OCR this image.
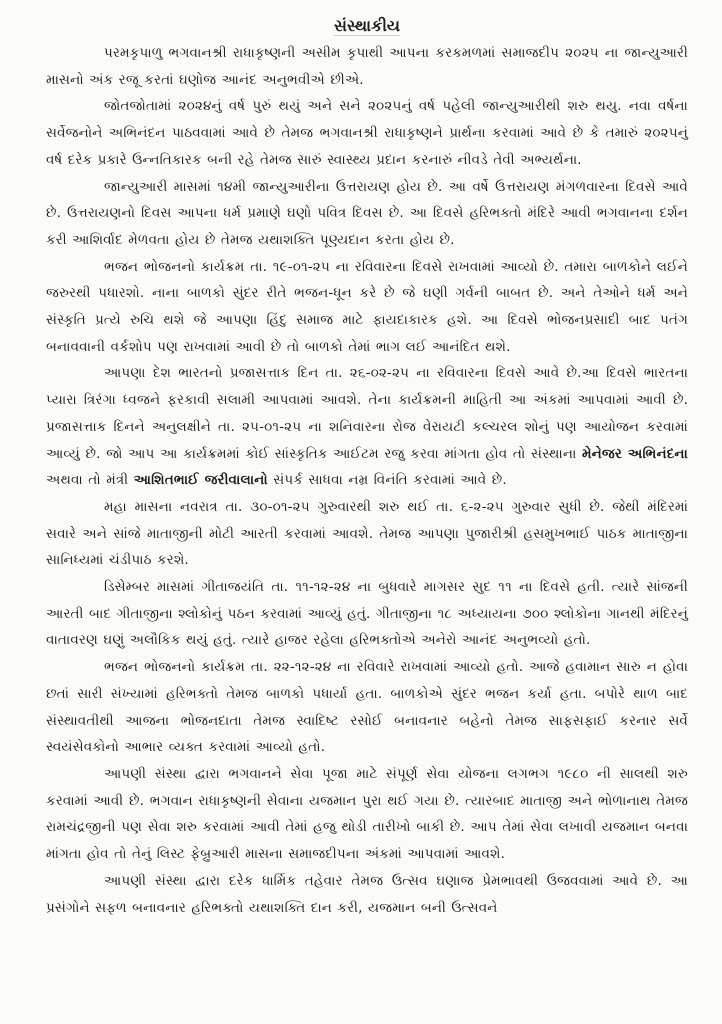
સંસ્થાકીય

પરમકૃપાળુ ભગવાનશ્રી રાધાકૃષ્ણની અસીમ કૃપાથી આપના કરકમળમાં સમાજદીપ ૨૦૨૫ ના જાન્યુઆરી માસનો અંક રજૂ કરતાં ઘણોજ આનંદ અનુભવીએ છીએ.

જોતજોતામાં ૨૦૨૪નું વર્ષ પુરું થયું અને સને ૨૦૨૫નું વર્ષ પહેલી જાન્યુઆરીથી શરુ થયુ. નવા વર્ષના સર્વેજનોને અભિનંદન પાઠવવામાં આવે છે તેમજ ભગવાનશ્રી રાધાકૃષ્ણને પ્રાર્થના કરવામાં આવે છે કે તમારું ૨૦૨૫નું વર્ષ દરેક પ્રકારે ઉન્નતિકારક બની રહે તેમજ સારું સ્વાસ્થ્ય પ્રદાન કરનારું નીવડે તેવી અભ્યર્થના.

જાન્યુઆરી માસમાં ૧૪મી જાન્યુઆરીના ઉત્તરાયણ હોય છે. આ વર્ષે ઉત્તરાયણ મંગળવારના દિવસે આવે છે. ઉત્તરાયણનો દિવસ આપના ધર્મ પ્રમાણે ઘણો પવિત્ર દિવસ છે. આ દિવસે હરિભક્તો મંદિરે આવી ભગવાનના દર્શન કરી આશિર્વાદ મેળવતા હોય છે તેમજ યથાશક્તિ પૂણ્યદાન કરતા હોય છે.

ભજન ભોજનનો કાર્યક્રમ તા. ૧૯-૦૧-૨૫ ના રવિવારના દિવસે રાખવામાં આવ્યો છે. તમારા બાળકોને લઈને જરુરથી પધારશો. નાના બાળકો સુંદર રીતે ભજન-ધૂન કરે છે જે ઘણી ગર્વની બાબત છે. અને તેઓને ધર્મ અને સંસ્કૃતિ પ્રત્યે રુચિ થશે જે આપણા હિંદુ સમાજ માટે ફાયદાકારક હશે. આ દિવસે ભોજનપ્રસાદી બાદ પતંગ બનાવવાની વર્કશોપ પણ રાખવામાં આવી છે તો બાળકો તેમાં ભાગ લઈ આનંદિત થશે.

આપણા દેશ ભારતનો પ્રજાસત્તાક દિન તા. ૨૬-૦૨-૨૫ ના રવિવારના દિવસે આવે છે.આ દિવસે ભારતના પ્યારા ત્રિરંગા ધ્વજને ફરકાવી સલામી આપવામાં આવશે. તેના કાર્યક્રમની માહિતી આ અંકમાં આપવામાં આવી છે. પ્રજાસત્તાક દિનને અનુલક્ષીને તા. ૨૫-૦૧-૨૫ ના શનિવારના રોજ વેરાયટી કલ્ચરલ શોનું પણ આયોજન કરવામાં આવ્યું છે. જો આપ આ કાર્યક્રમમાં કોઈ સાંસ્કૃતિક આઈટમ રજુ કરવા માંગતા હોવ તો સંસ્થાના મેનેજર અભિનંદના અથવા તો મંત્રી આશિતભાઈ જરીવાલાનો સંપર્ક સાધવા નમ્ર વિનંતિ કરવામાં આવે છે.

મહા માસના નવરાત્ર તા. ૩૦-૦૧-૨૫ ગુરુવારથી શરુ થઈ તા. ૬-૨-૨૫ ગુરુવાર સુધી છે. જેથી મંદિરમાં સવારે અને સાંજે માતાજીની મોટી આરતી કરવામાં આવશે. તેમજ આપણા પુજારીશ્રી હસમુખભાઈ પાઠક માતાજીના સાનિધ્યમાં ચંડીપાઠ કરશે.

ડિસેમ્બર માસમાં ગીતાજયંતિ તા. ૧૧-૧૨-૨૪ ના બુધવારે માગસર સુદ ૧૧ ના દિવસે હતી. ત્યારે સાંજની આરતી બાદ ગીતાજીના શ્લોકોનું પઠન કરવામાં આવ્યું હતું. ગીતાજીના ૧૮ અધ્યાયના ૭૦૦ શ્લોકોના ગાનથી મંદિરનું વાતાવરણ ઘણું અલૌકિક થયું હતું. ત્યારે હાજર રહેલા હરિભક્તોએ અનેરો આનંદ અનુભવ્યો હતો.

ભજન ભોજનનો કાર્યક્રમ તા. ૨૨-૧૨-૨૪ ના રવિવારે રાખવામાં આવ્યો હતો. આજે હવામાન સારુ ન હોવા છતાં સારી સંખ્યામાં હરિભક્તો તેમજ બાળકો પધાર્યા હતા. બાળકોએ સુંદર ભજન કર્યા હતા. બપોરે થાળ બાદ સંસ્થાવતીથી આજના ભોજનદાતા તેમજ સ્વાદિષ્ટ રસોઈ બનાવનાર બહેનો તેમજ સાફસફાઈ કરનાર સર્વે સ્વયંસેવકોનો આભાર વ્યક્ત કરવામાં આવ્યો હતો.

આપણી સંસ્થા દ્વારા ભગવાનને સેવા પૂજા માટે સંપૂર્ણ સેવા યોજના લગભગ ૧૯૮૦ ની સાલથી શરુ કરવામાં આવી છે. ભગવાન રાધાકૃષ્ણની સેવાના યજમાન પુરા થઈ ગયા છે. ત્યારબાદ માતાજી અને ભોળાનાથ તેમજ રામચંદ્રજીની પણ સેવા શરુ કરવામાં આવી તેમાં હજુ થોડી તારીખો બાકી છે. આપ તેમાં સેવા લખાવી યજમાન બનવા માંગતા હોવ તો તેનું લિસ્ટ ફેબ્રુઆરી માસના સમાજદીપના અંકમાં આપવામાં આવશે.

આપણી સંસ્થા દ્વારા દરેક ધાર્મિક તહેવાર તેમજ ઉત્સવ ઘણાજ પ્રેમભાવથી ઉજવવામાં આવે છે. આ પ્રસંગોને સફળ બનાવનાર હરિભક્તો યથાશક્તિ દાન કરી, યજમાન બની ઉત્સવને
